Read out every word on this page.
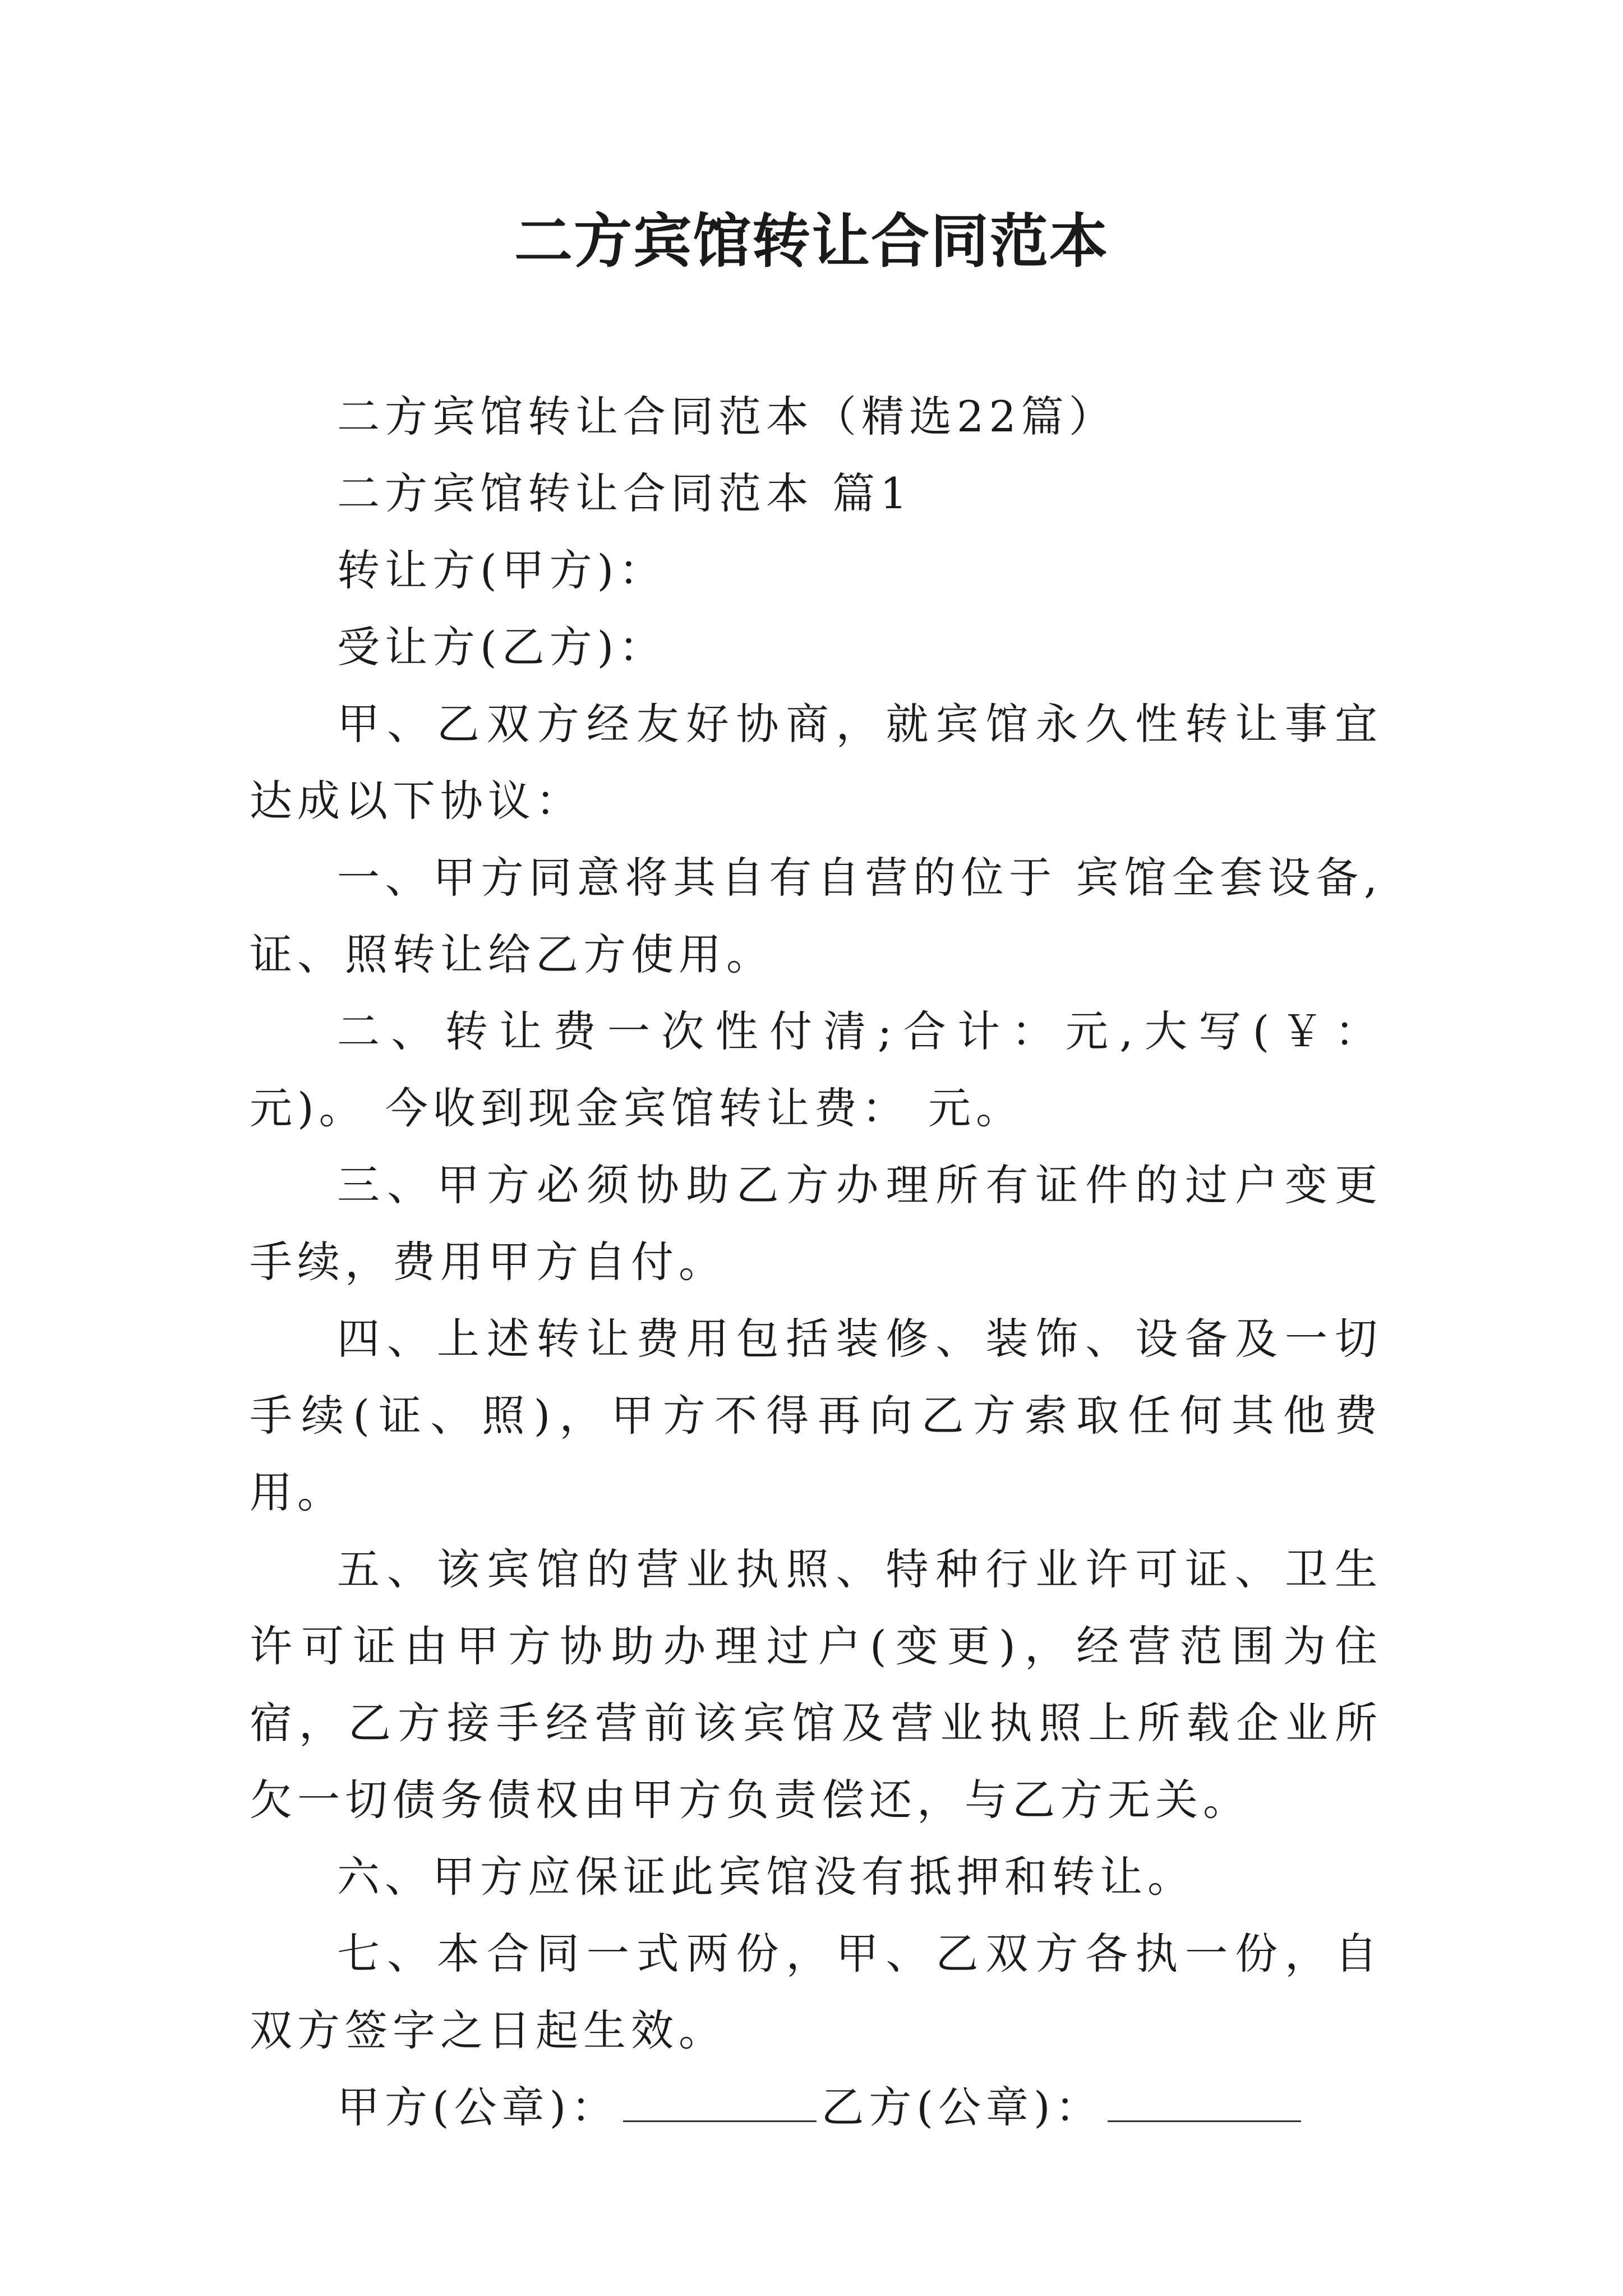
二方宾馆转让合同范本

二方宾馆转让合同范本（精选22篇）

二方宾馆转让合同范本 篇1

转让方(甲方)：

受让方(乙方)：

甲、乙双方经友好协商，就宾馆永久性转让事宜达成以下协议：

一、甲方同意将其自有自营的位于 宾馆全套设备,证、照转让给乙方使用。

二、转让费一次性付清;合计：元,大写(￥： 元)。 今收到现金宾馆转让费： 元。

三、甲方必须协助乙方办理所有证件的过户变更手续，费用甲方自付。

四、上述转让费用包括装修、装饰、设备及一切手续(证、照)，甲方不得再向乙方索取任何其他费用。

五、该宾馆的营业执照、特种行业许可证、卫生许可证由甲方协助办理过户(变更)，经营范围为住宿，乙方接手经营前该宾馆及营业执照上所载企业所欠一切债务债权由甲方负责偿还，与乙方无关。

六、甲方应保证此宾馆没有抵押和转让。

七、本合同一式两份，甲、乙双方各执一份，自双方签字之日起生效。

甲方(公章)：	乙方(公章)：
